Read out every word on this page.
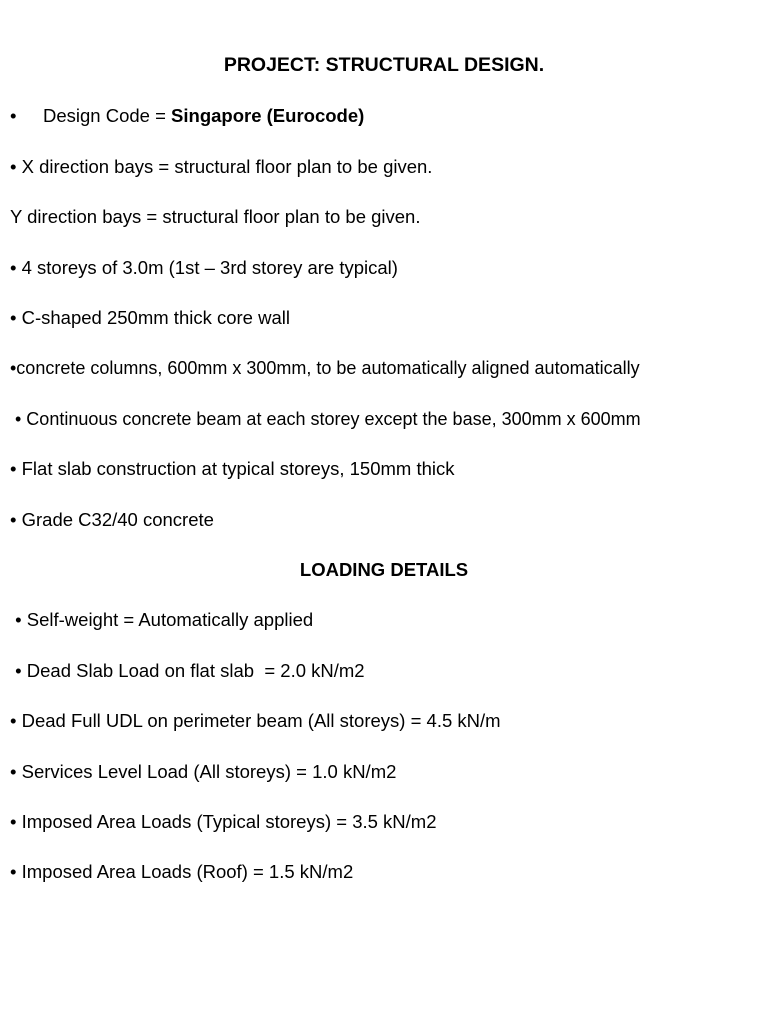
PROJECT: STRUCTURAL DESIGN.
• Design Code = Singapore (Eurocode)
• X direction bays = structural floor plan to be given.
Y direction bays = structural floor plan to be given.
• 4 storeys of 3.0m (1st – 3rd storey are typical)
• C-shaped 250mm thick core wall
•concrete columns, 600mm x 300mm, to be automatically aligned automatically
• Continuous concrete beam at each storey except the base, 300mm x 600mm
• Flat slab construction at typical storeys, 150mm thick
• Grade C32/40 concrete
LOADING DETAILS
• Self-weight = Automatically applied
• Dead Slab Load on flat slab  = 2.0 kN/m2
• Dead Full UDL on perimeter beam (All storeys) = 4.5 kN/m
• Services Level Load (All storeys) = 1.0 kN/m2
• Imposed Area Loads (Typical storeys) = 3.5 kN/m2
• Imposed Area Loads (Roof) = 1.5 kN/m2
